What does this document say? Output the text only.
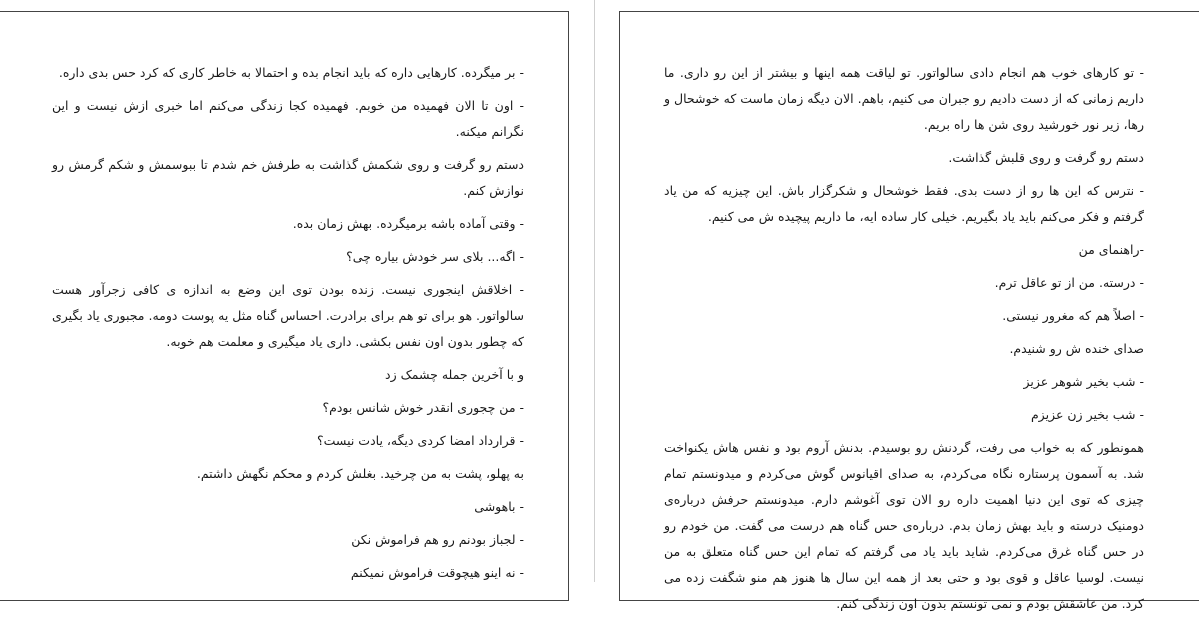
- بر میگرده. کارهایی داره که باید انجام بده و احتمالا به خاطر کاری که کرد حس بدی داره.

- اون تا الان فهمیده من خوبم. فهمیده کجا زندگی می‌کنم اما خبری ازش نیست و این نگرانم میکنه.

دستم رو گرفت و روی شکمش گذاشت به طرفش خم شدم تا ببوسمش و شکم گرمش رو نوازش کنم.

- وقتی آماده باشه برمیگرده. بهش زمان بده.

- اگه... بلای سر خودش بیاره چی؟

- اخلاقش اینجوری نیست. زنده بودن توی این وضع به اندازه ی کافی زجرآور هست سالواتور. هو برای تو هم برای برادرت. احساس گناه مثل یه پوست دومه. مجبوری یاد بگیری که چطور بدون اون نفس بکشی. داری یاد میگیری و معلمت هم خوبه.

و با آخرین جمله چشمک زد

- من چجوری انقدر خوش شانس بودم؟

- قرارداد امضا کردی دیگه، یادت نیست؟

به پهلو، پشت به من چرخید. بغلش کردم و محکم نگهش داشتم.

- باهوشی

- لجباز بودنم رو هم فراموش نکن

- نه اینو هیچوقت فراموش نمیکنم

- تو کارهای خوب هم انجام دادی سالواتور. تو لیاقت همه اینها و بیشتر از این رو داری. ما داریم زمانی که از دست دادیم رو جبران می کنیم، باهم. الان دیگه زمان ماست که خوشحال و رها، زیر نور خورشید روی شن ها راه بریم.

دستم رو گرفت و روی قلبش گذاشت.

- نترس که این ها رو از دست بدی. فقط خوشحال و شکرگزار باش. این چیزیه که من یاد گرفتم و فکر می‌کنم باید یاد بگیریم. خیلی کار ساده ایه، ما داریم پیچیده ش می کنیم.

-راهنمای من

- درسته. من از تو عاقل ترم.

- اصلاً هم که مغرور نیستی.

صدای خنده ش رو شنیدم.

- شب بخیر شوهر عزیز

- شب بخیر زن عزیزم

همونطور که به خواب می رفت، گردنش رو بوسیدم. بدنش آروم بود و نفس هاش یکنواخت شد. به آسمون پرستاره نگاه می‌کردم، به صدای اقیانوس گوش می‌کردم و میدونستم تمام چیزی که توی این دنیا اهمیت داره رو الان توی آغوشم دارم. میدونستم حرفش درباره‌ی دومنیک درسته و باید بهش زمان بدم. درباره‌ی حس گناه هم درست می گفت. من خودم رو در حس گناه غرق می‌کردم. شاید باید یاد می گرفتم که تمام این حس گناه متعلق به من نیست. لوسیا عاقل و قوی بود و حتی بعد از همه این سال ها هنوز هم منو شگفت زده می کرد. من عاشقش بودم و نمی تونستم بدون اون زندگی کنم.
